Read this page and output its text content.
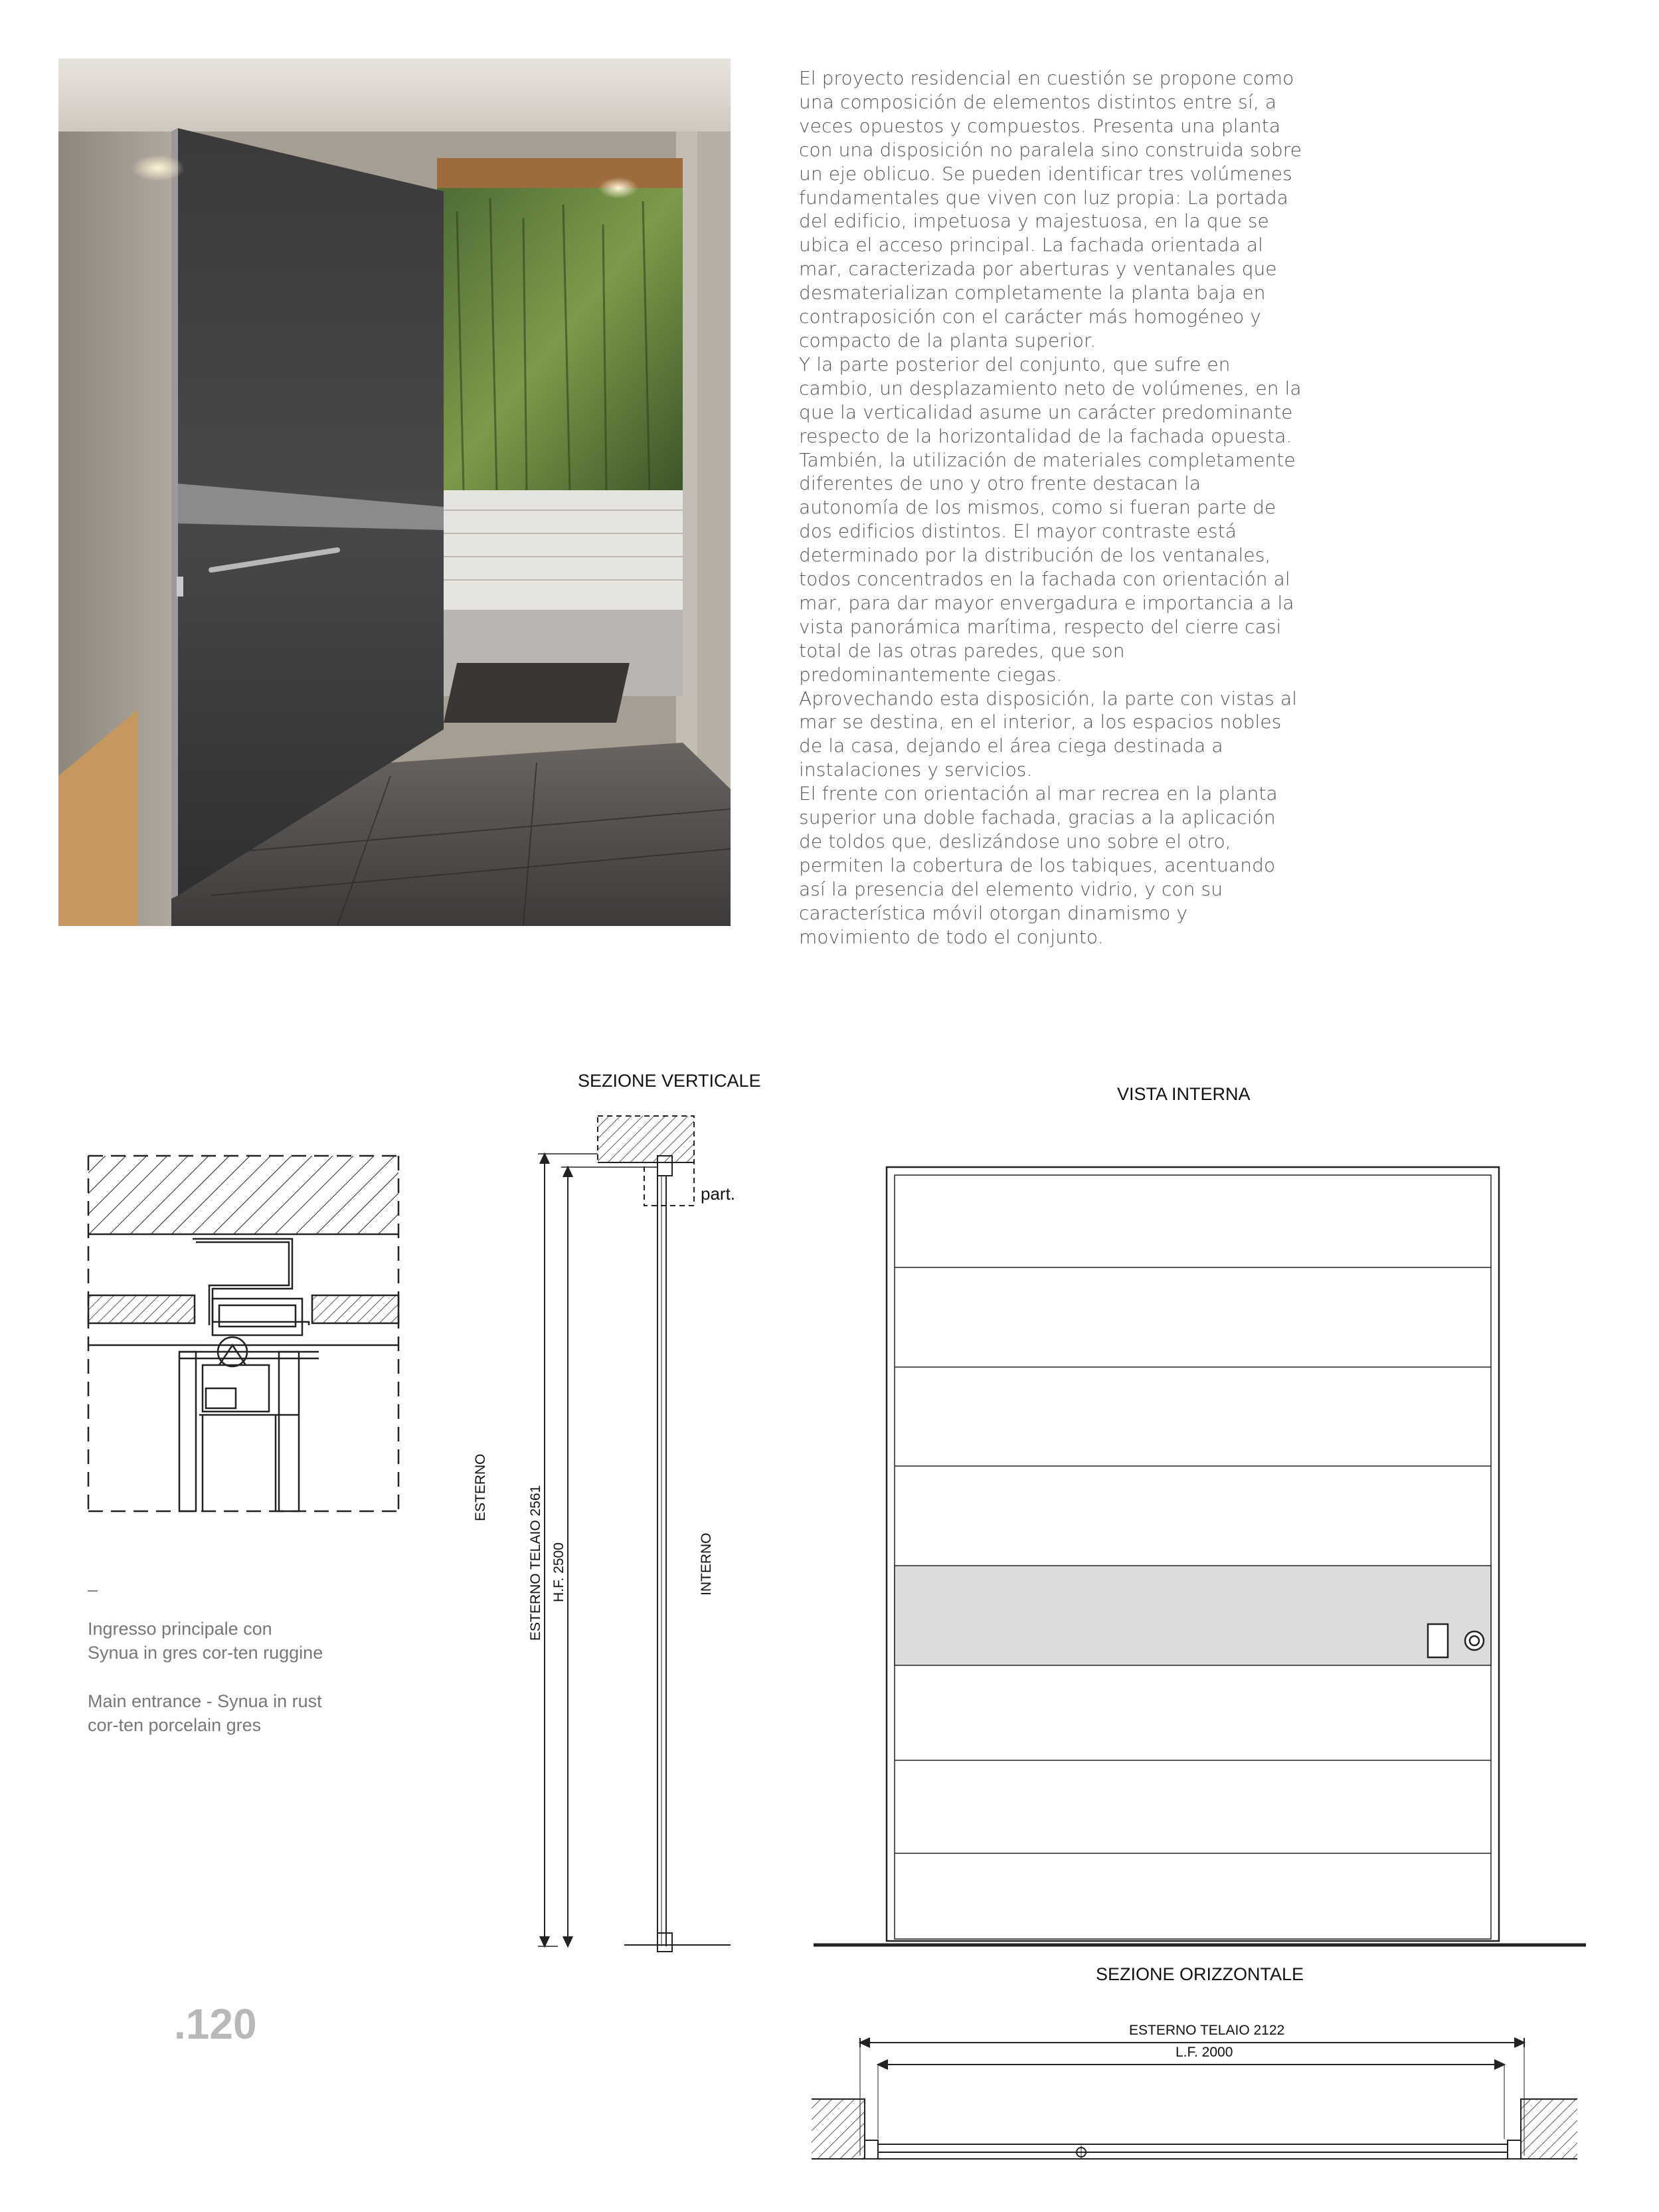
El proyecto residencial en cuestión se propone como una composición de elementos distintos entre sí, a veces opuestos y compuestos. Presenta una planta con una disposición no paralela sino construida sobre un eje oblicuo. Se pueden identificar tres volúmenes fundamentales que viven con luz propia: La portada del edificio, impetuosa y majestuosa, en la que se ubica el acceso principal. La fachada orientada al mar, caracterizada por aberturas y ventanales que desmaterializan completamente la planta baja en contraposición con el carácter más homogéneo y compacto de la planta superior.

Y la parte posterior del conjunto, que sufre en cambio, un desplazamiento neto de volúmenes, en la que la verticalidad asume un carácter predominante respecto de la horizontalidad de la fachada opuesta. También, la utilización de materiales completamente diferentes de uno y otro frente destacan la autonomía de los mismos, como si fueran parte de dos edificios distintos. El mayor contraste está determinado por la distribución de los ventanales, todos concentrados en la fachada con orientación al mar, para dar mayor envergadura e importancia a la vista panorámica marítima, respecto del cierre casi total de las otras paredes, que son predominantemente ciegas.

Aprovechando esta disposición, la parte con vistas al mar se destina, en el interior, a los espacios nobles de la casa, dejando el área ciega destinada a instalaciones y servicios.

El frente con orientación al mar recrea en la planta superior una doble fachada, gracias a la aplicación de toldos que, deslizándose uno sobre el otro, permiten la cobertura de los tabiques, acentuando así la presencia del elemento vidrio, y con su característica móvil otorgan dinamismo y movimiento de todo el conjunto.

SEZIONE VERTICALE
VISTA INTERNA
part.
SEZIONE ORIZZONTALE
ESTERNO TELAIO 2122
L.F. 2000
ESTERNO	ESTERNO TELAIO 2561 H.F. 2500	INTERNO
–
Ingresso principale con Synua in gres cor-ten ruggine
Main entrance - Synua in rust cor-ten porcelain gres
.120
